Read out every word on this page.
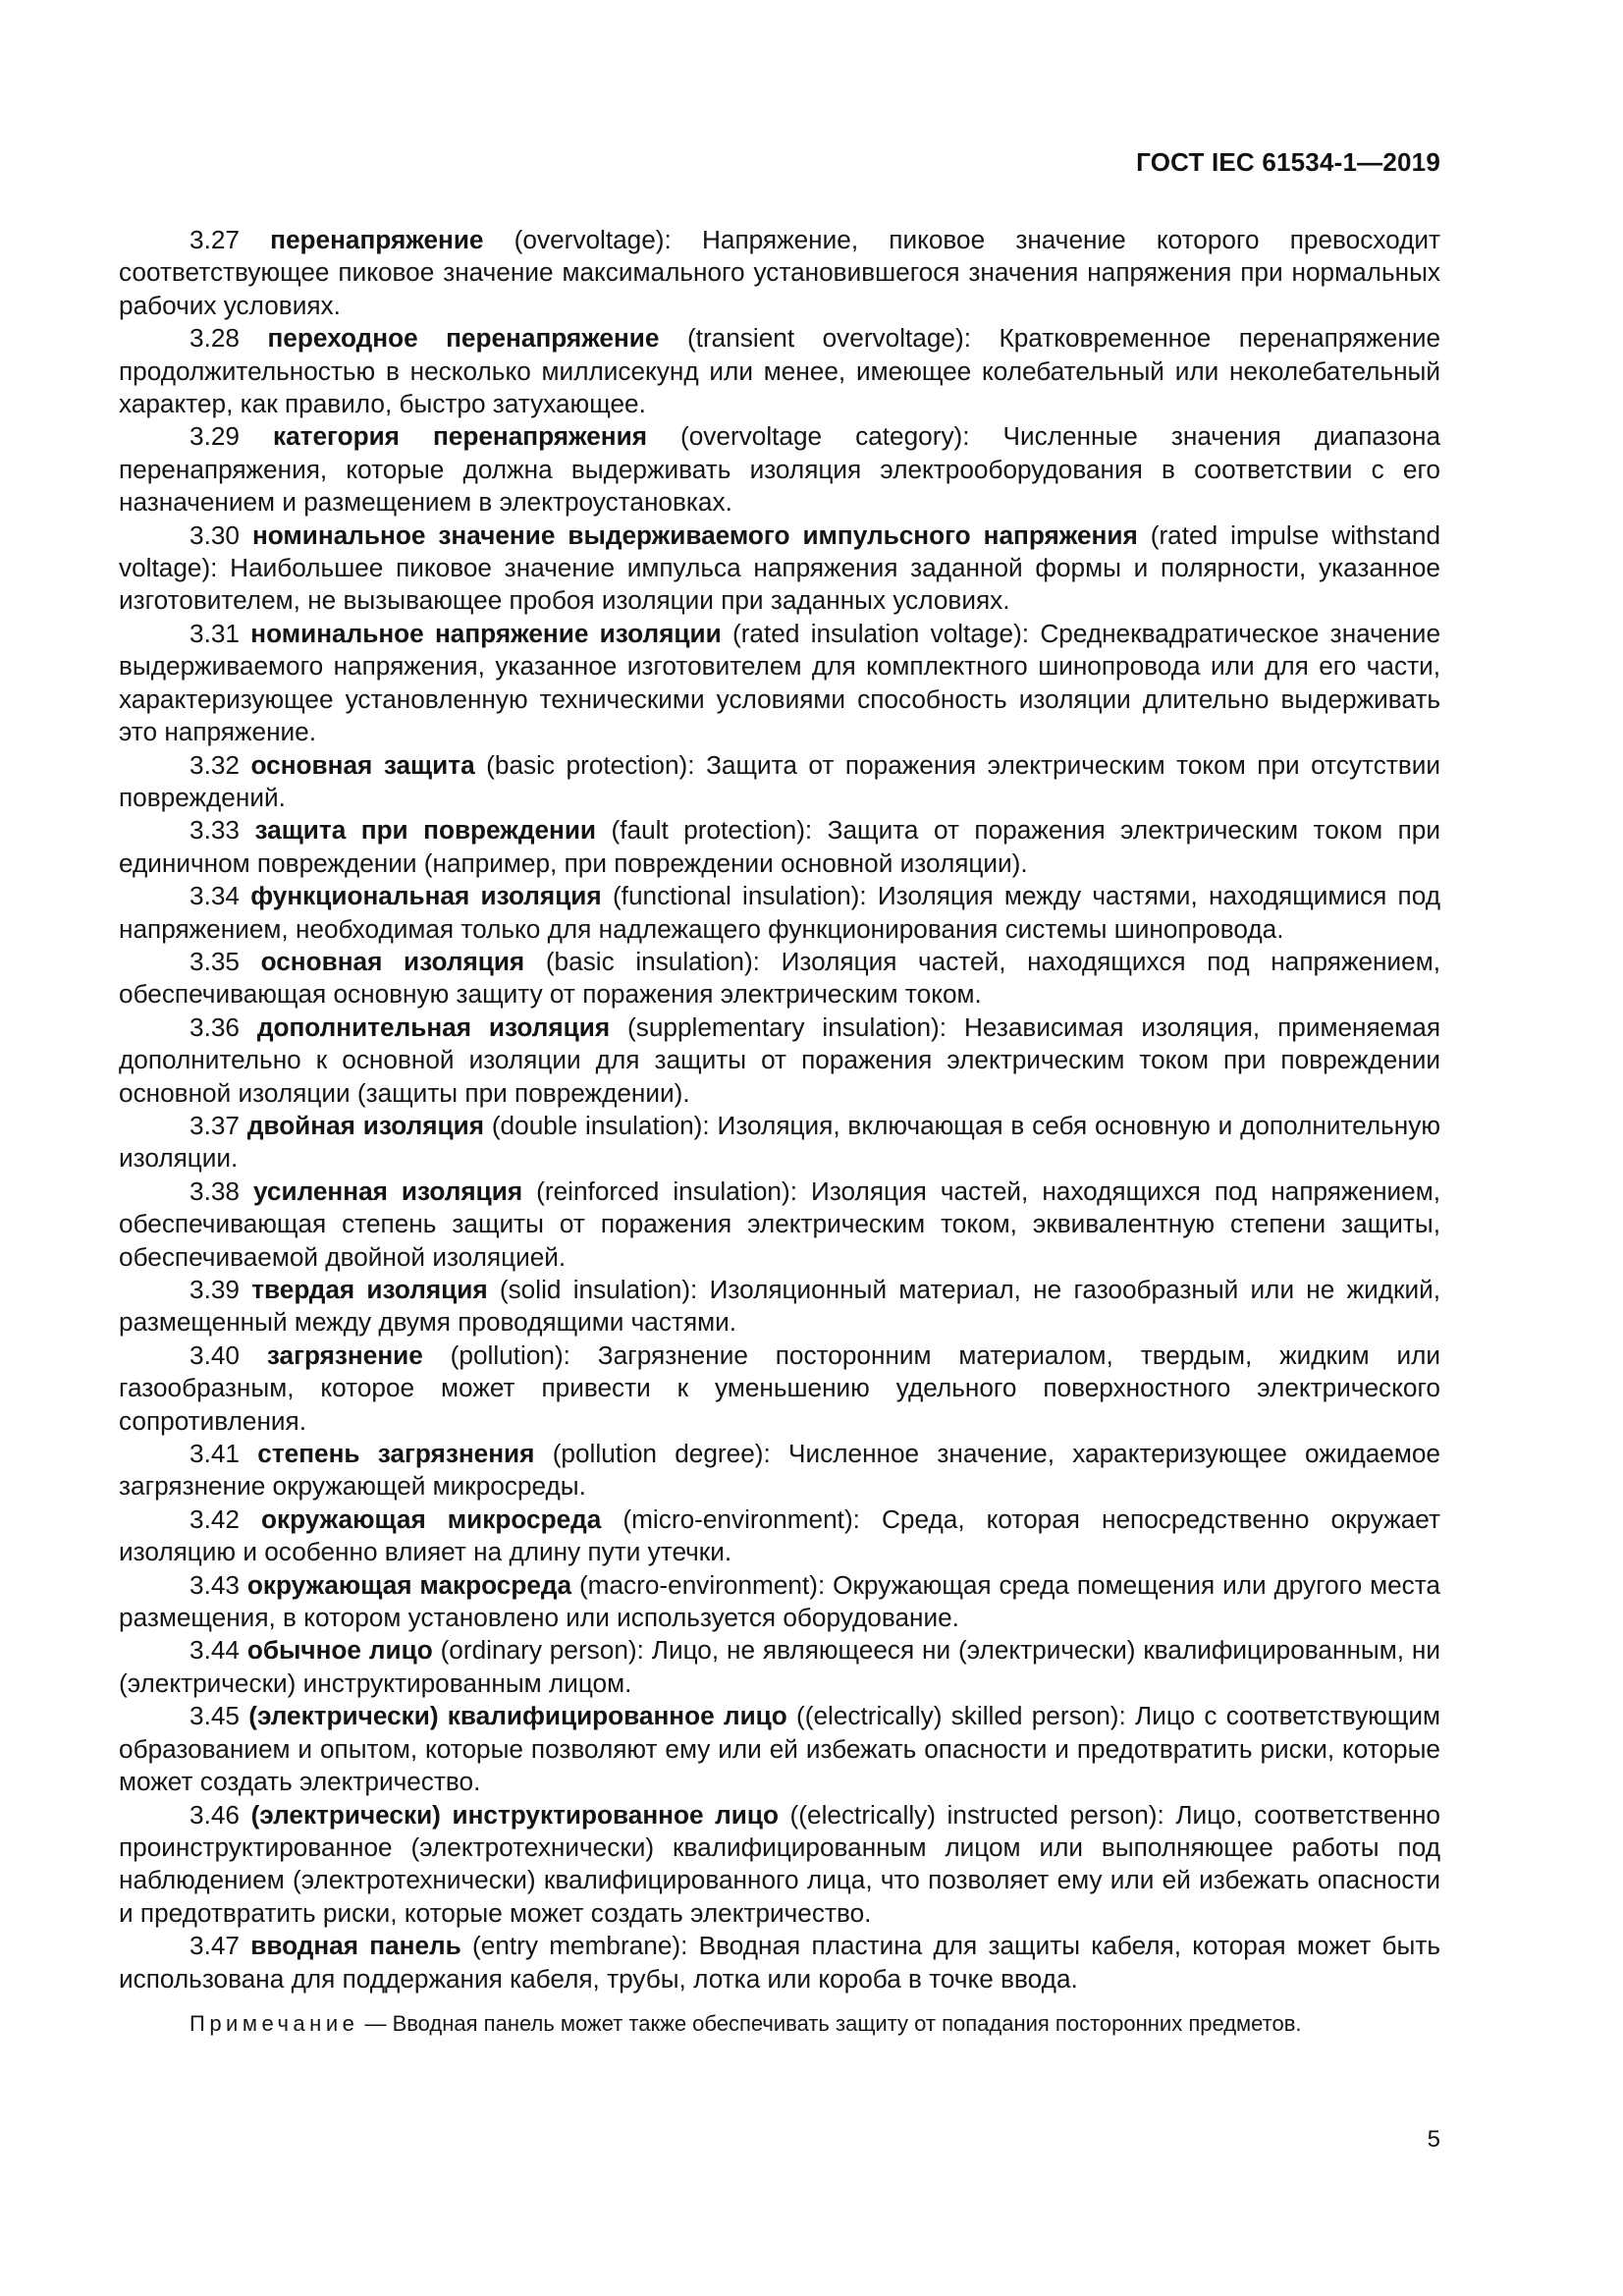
ГОСТ IEC 61534-1—2019

3.27 перенапряжение (overvoltage): Напряжение, пиковое значение которого превосходит соответствующее пиковое значение максимального установившегося значения напряжения при нормальных рабочих условиях.

3.28 переходное перенапряжение (transient overvoltage): Кратковременное перенапряжение продолжительностью в несколько миллисекунд или менее, имеющее колебательный или неколебательный характер, как правило, быстро затухающее.

3.29 категория перенапряжения (overvoltage category): Численные значения диапазона перенапряжения, которые должна выдерживать изоляция электрооборудования в соответствии с его назначением и размещением в электроустановках.

3.30 номинальное значение выдерживаемого импульсного напряжения (rated impulse withstand voltage): Наибольшее пиковое значение импульса напряжения заданной формы и полярности, указанное изготовителем, не вызывающее пробоя изоляции при заданных условиях.

3.31 номинальное напряжение изоляции (rated insulation voltage): Среднеквадратическое значение выдерживаемого напряжения, указанное изготовителем для комплектного шинопровода или для его части, характеризующее установленную техническими условиями способность изоляции длительно выдерживать это напряжение.

3.32 основная защита (basic protection): Защита от поражения электрическим током при отсутствии повреждений.

3.33 защита при повреждении (fault protection): Защита от поражения электрическим током при единичном повреждении (например, при повреждении основной изоляции).

3.34 функциональная изоляция (functional insulation): Изоляция между частями, находящимися под напряжением, необходимая только для надлежащего функционирования системы шинопровода.

3.35 основная изоляция (basic insulation): Изоляция частей, находящихся под напряжением, обеспечивающая основную защиту от поражения электрическим током.

3.36 дополнительная изоляция (supplementary insulation): Независимая изоляция, применяемая дополнительно к основной изоляции для защиты от поражения электрическим током при повреждении основной изоляции (защиты при повреждении).

3.37 двойная изоляция (double insulation): Изоляция, включающая в себя основную и дополнительную изоляции.

3.38 усиленная изоляция (reinforced insulation): Изоляция частей, находящихся под напряжением, обеспечивающая степень защиты от поражения электрическим током, эквивалентную степени защиты, обеспечиваемой двойной изоляцией.

3.39 твердая изоляция (solid insulation): Изоляционный материал, не газообразный или не жидкий, размещенный между двумя проводящими частями.

3.40 загрязнение (pollution): Загрязнение посторонним материалом, твердым, жидким или газообразным, которое может привести к уменьшению удельного поверхностного электрического сопротивления.

3.41 степень загрязнения (pollution degree): Численное значение, характеризующее ожидаемое загрязнение окружающей микросреды.

3.42 окружающая микросреда (micro-environment): Среда, которая непосредственно окружает изоляцию и особенно влияет на длину пути утечки.

3.43 окружающая макросреда (macro-environment): Окружающая среда помещения или другого места размещения, в котором установлено или используется оборудование.

3.44 обычное лицо (ordinary person): Лицо, не являющееся ни (электрически) квалифицированным, ни (электрически) инструктированным лицом.

3.45 (электрически) квалифицированное лицо ((electrically) skilled person): Лицо с соответствующим образованием и опытом, которые позволяют ему или ей избежать опасности и предотвратить риски, которые может создать электричество.

3.46 (электрически) инструктированное лицо ((electrically) instructed person): Лицо, соответственно проинструктированное (электротехнически) квалифицированным лицом или выполняющее работы под наблюдением (электротехнически) квалифицированного лица, что позволяет ему или ей избежать опасности и предотвратить риски, которые может создать электричество.

3.47 вводная панель (entry membrane): Вводная пластина для защиты кабеля, которая может быть использована для поддержания кабеля, трубы, лотка или короба в точке ввода.

Примечание — Вводная панель может также обеспечивать защиту от попадания посторонних предметов.

5
